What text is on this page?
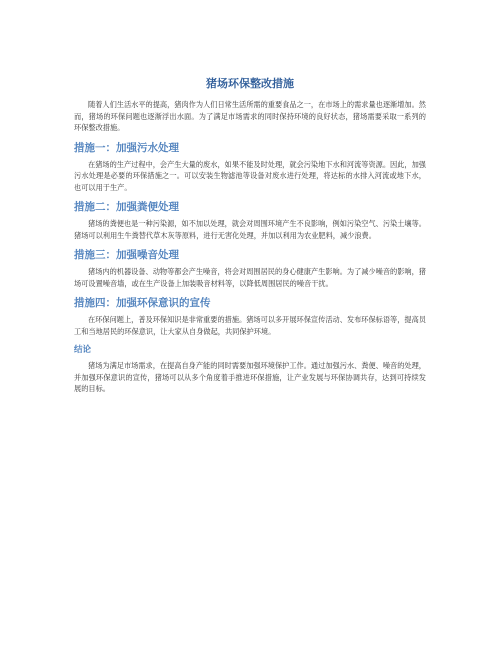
猪场环保整改措施

随着人们生活水平的提高，猪肉作为人们日常生活所需的重要食品之一，在市场上的需求量也逐渐增加。然而，猪场的环保问题也逐渐浮出水面。为了满足市场需求的同时保持环境的良好状态，猪场需要采取一系列的环保整改措施。

措施一：加强污水处理

在猪场的生产过程中，会产生大量的废水，如果不能及时处理，就会污染地下水和河流等资源。因此，加强污水处理是必要的环保措施之一。可以安装生物滤池等设备对废水进行处理，将达标的水排入河流或地下水，也可以用于生产。

措施二：加强粪便处理

猪场的粪便也是一种污染源，如不加以处理，就会对周围环境产生不良影响，例如污染空气、污染土壤等。猪场可以利用生牛粪替代草木灰等原料，进行无害化处理，并加以利用为农业肥料，减少浪费。

措施三：加强噪音处理

猪场内的机器设备、动物等都会产生噪音，将会对周围居民的身心健康产生影响。为了减少噪音的影响，猪场可设置噪音墙，或在生产设备上加装吸音材料等，以降低周围居民的噪音干扰。

措施四：加强环保意识的宣传

在环保问题上，普及环保知识是非常重要的措施。猪场可以多开展环保宣传活动、发布环保标语等，提高员工和当地居民的环保意识，让大家从自身做起，共同保护环境。

结论

猪场为满足市场需求，在提高自身产能的同时需要加强环境保护工作。通过加强污水、粪便、噪音的处理，并加强环保意识的宣传，猪场可以从多个角度着手推进环保措施，让产业发展与环保协调共存，达到可持续发展的目标。
